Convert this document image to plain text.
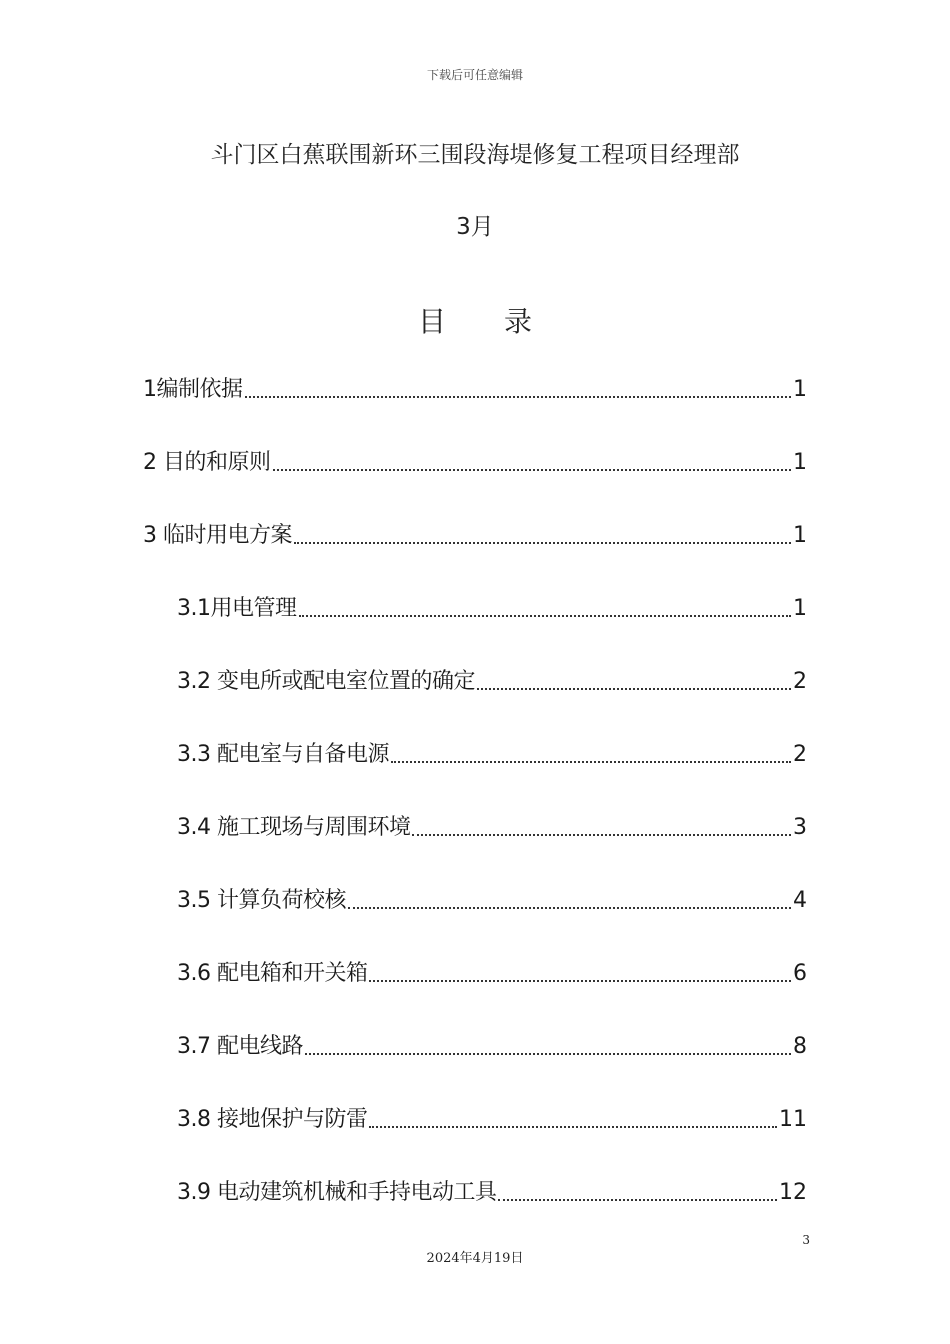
下载后可任意编辑
斗门区白蕉联围新环三围段海堤修复工程项目经理部
3月
目录
1编制依据	1
2 目的和原则	1
3 临时用电方案	1
3.1用电管理	1
3.2 变电所或配电室位置的确定	2
3.3 配电室与自备电源	2
3.4 施工现场与周围环境	3
3.5 计算负荷校核	4
3.6 配电箱和开关箱	6
3.7 配电线路	8
3.8 接地保护与防雷	11
3.9 电动建筑机械和手持电动工具	12
3
2024年4月19日
